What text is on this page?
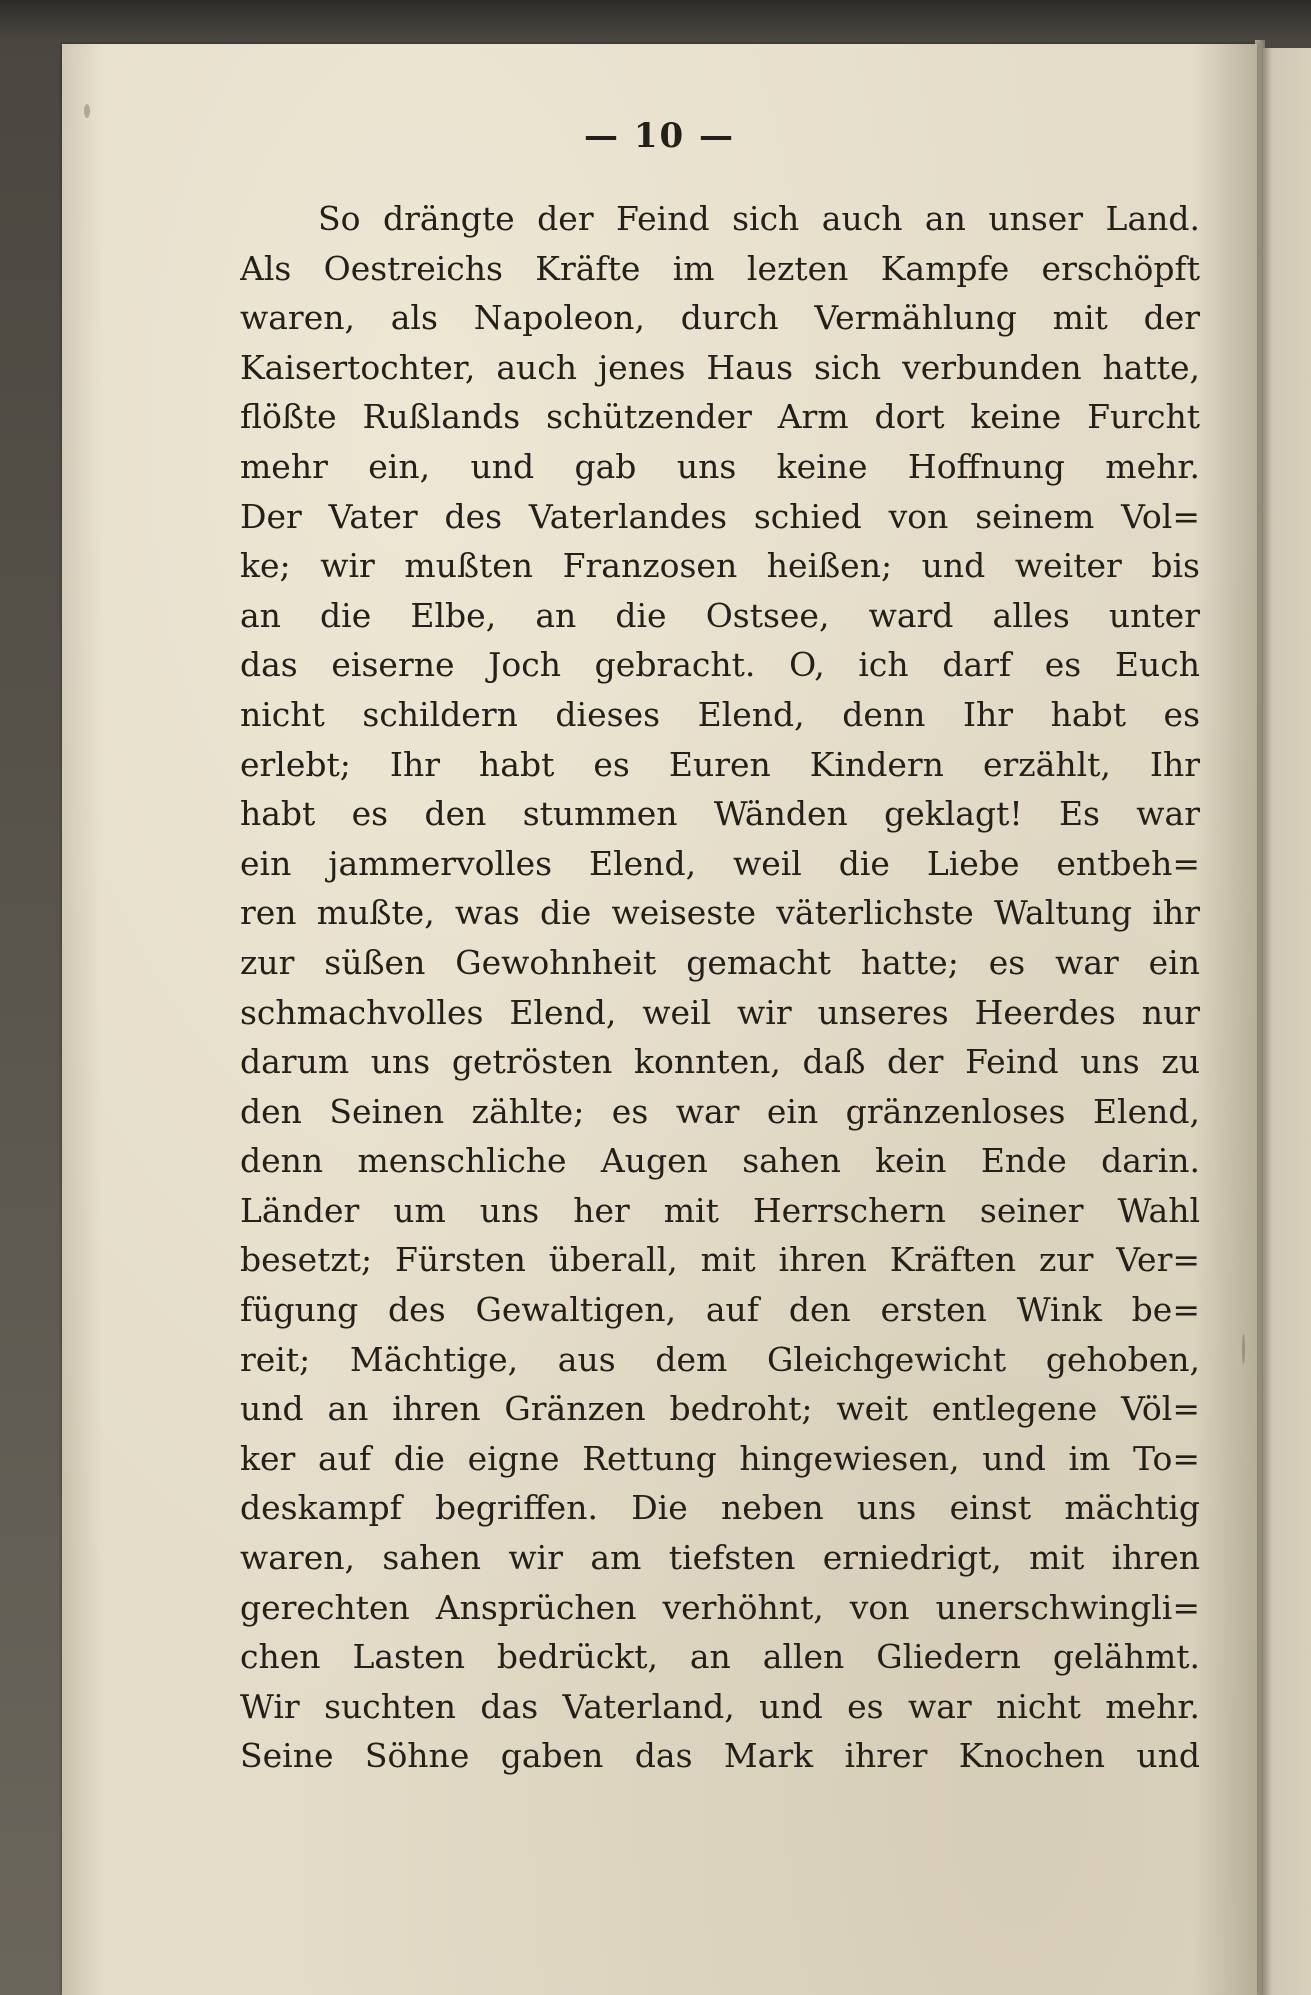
— 10 —
So drängte der Feind sich auch an unser Land.
Als Oestreichs Kräfte im lezten Kampfe erschöpft
waren, als Napoleon, durch Vermählung mit der
Kaisertochter, auch jenes Haus sich verbunden hatte,
flößte Rußlands schützender Arm dort keine Furcht
mehr ein, und gab uns keine Hoffnung mehr.
Der Vater des Vaterlandes schied von seinem Vol=
ke; wir mußten Franzosen heißen; und weiter bis
an die Elbe, an die Ostsee, ward alles unter
das eiserne Joch gebracht. O, ich darf es Euch
nicht schildern dieses Elend, denn Ihr habt es
erlebt; Ihr habt es Euren Kindern erzählt, Ihr
habt es den stummen Wänden geklagt! Es war
ein jammervolles Elend, weil die Liebe entbeh=
ren mußte, was die weiseste väterlichste Waltung ihr
zur süßen Gewohnheit gemacht hatte; es war ein
schmachvolles Elend, weil wir unseres Heerdes nur
darum uns getrösten konnten, daß der Feind uns zu
den Seinen zählte; es war ein gränzenloses Elend,
denn menschliche Augen sahen kein Ende darin.
Länder um uns her mit Herrschern seiner Wahl
besetzt; Fürsten überall, mit ihren Kräften zur Ver=
fügung des Gewaltigen, auf den ersten Wink be=
reit; Mächtige, aus dem Gleichgewicht gehoben,
und an ihren Gränzen bedroht; weit entlegene Völ=
ker auf die eigne Rettung hingewiesen, und im To=
deskampf begriffen. Die neben uns einst mächtig
waren, sahen wir am tiefsten erniedrigt, mit ihren
gerechten Ansprüchen verhöhnt, von unerschwingli=
chen Lasten bedrückt, an allen Gliedern gelähmt.
Wir suchten das Vaterland, und es war nicht mehr.
Seine Söhne gaben das Mark ihrer Knochen und
